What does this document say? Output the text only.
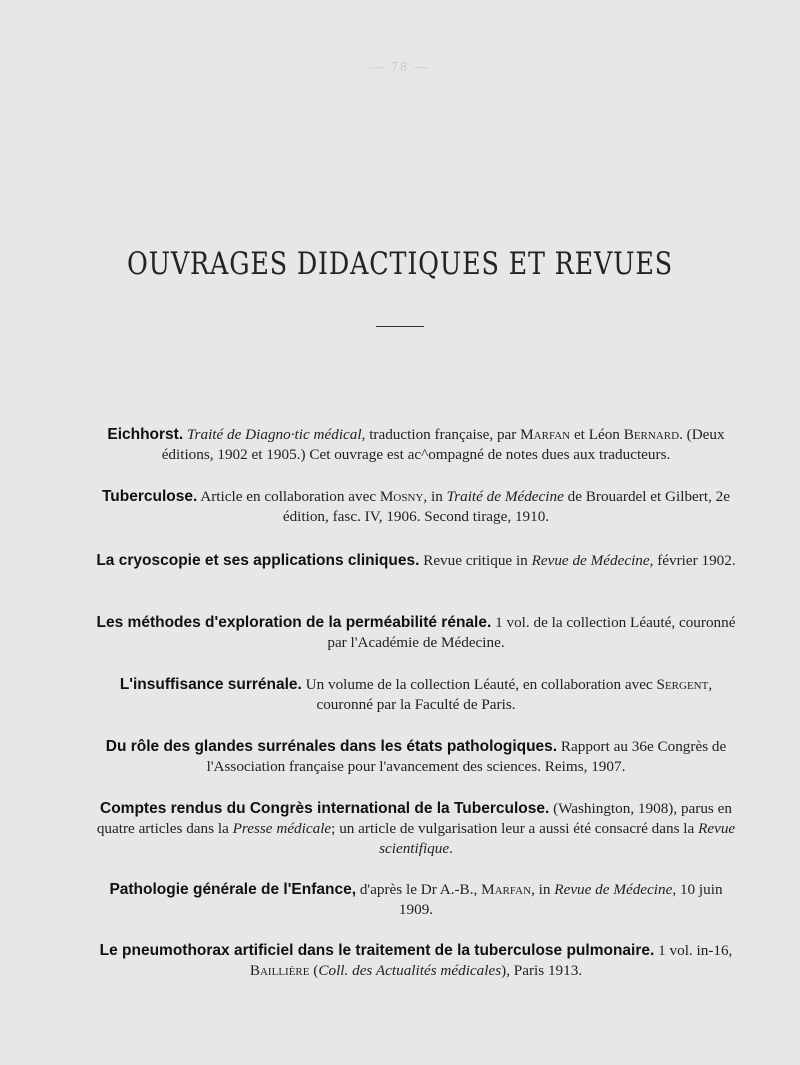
— 78 —
OUVRAGES DIDACTIQUES ET REVUES
Eichhorst. Traité de Diagno·tic médical, traduction française, par Marfan et Léon Bernard. (Deux éditions, 1902 et 1905.) Cet ouvrage est ac^ompagné de notes dues aux traducteurs.
Tuberculose. Article en collaboration avec Mosny, in Traité de Médecine de Brouardel et Gilbert, 2e édition, fasc. IV, 1906. Second tirage, 1910.
La cryoscopie et ses applications cliniques. Revue critique in Revue de Médecine, février 1902.
Les méthodes d'exploration de la perméabilité rénale. 1 vol. de la collection Léauté, couronné par l'Académie de Médecine.
L'insuffisance surrénale. Un volume de la collection Léauté, en collaboration avec Sergent, couronné par la Faculté de Paris.
Du rôle des glandes surrénales dans les états pathologiques. Rapport au 36e Congrès de l'Association française pour l'avancement des sciences. Reims, 1907.
Comptes rendus du Congrès international de la Tuberculose. (Washington, 1908), parus en quatre articles dans la Presse médicale; un article de vulgarisation leur a aussi été consacré dans la Revue scientifique.
Pathologie générale de l'Enfance, d'après le Dr A.-B., Marfan, in Revue de Médecine, 10 juin 1909.
Le pneumothorax artificiel dans le traitement de la tuberculose pulmonaire. 1 vol. in-16, Baillière (Coll. des Actualités médicales), Paris 1913.
